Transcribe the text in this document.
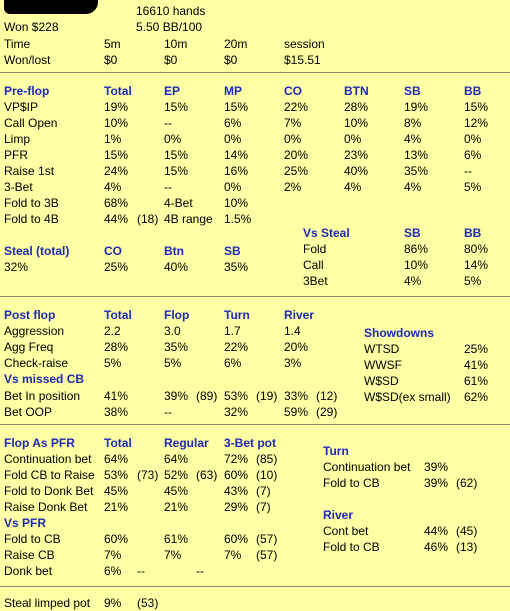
16610 hands
Won $228	5.50 BB/100
Time	5m	10m	20m	session
Won/lost	$0	$0	$0	$15.51
Pre-flop	Total	EP	MP	CO	BTN	SB	BB
VP$IP	19%	15%	15%	22%	28%	19%	15%
Call Open	10%	--	6%	7%	10%	8%	12%
Limp	1%	0%	0%	0%	0%	4%	0%
PFR	15%	15%	14%	20%	23%	13%	6%
Raise 1st	24%	15%	16%	25%	40%	35%	--
3-Bet	4%	--	0%	2%	4%	4%	5%
Fold to 3B	68%	4-Bet	10%
Fold to 4B	44% (18) 4B range 1.5%
Vs Steal	SB	BB
Fold	86%	80%
Call	10%	14%
3Bet	4%	5%
Steal (total)	CO	Btn	SB
32%	25%	40%	35%
Post flop	Total	Flop	Turn	River
Aggression	2.2	3.0	1.7	1.4
Agg Freq	28%	35%	22%	20%
Check-raise	5%	5%	6%	3%
Vs missed CB
Bet In position 41%	39% (89) 53% (19) 33% (12)
Bet OOP	38%	--	32%	59% (29)
Showdowns
WTSD	25%
WWSF	41%
W$SD	61%
W$SD(ex small) 62%
Flop As PFR Total	Regular 3-Bet pot
Continuation bet 64%	64%	72% (85)
Fold CB to Raise 53% (73) 52% (63) 60% (10)
Fold to Donk Bet 45%	45%	43% (7)
Raise Donk Bet 21%	21%	29% (7)
Vs PFR
Fold to CB	60%	61%	60% (57)
Raise CB	7%	7%	7% (57)
Donk bet	6% --	--
Turn
Continuation bet 39%
Fold to CB	39% (62)
River
Cont bet	44% (45)
Fold to CB	46% (13)
Steal limped pot 9% (53)
